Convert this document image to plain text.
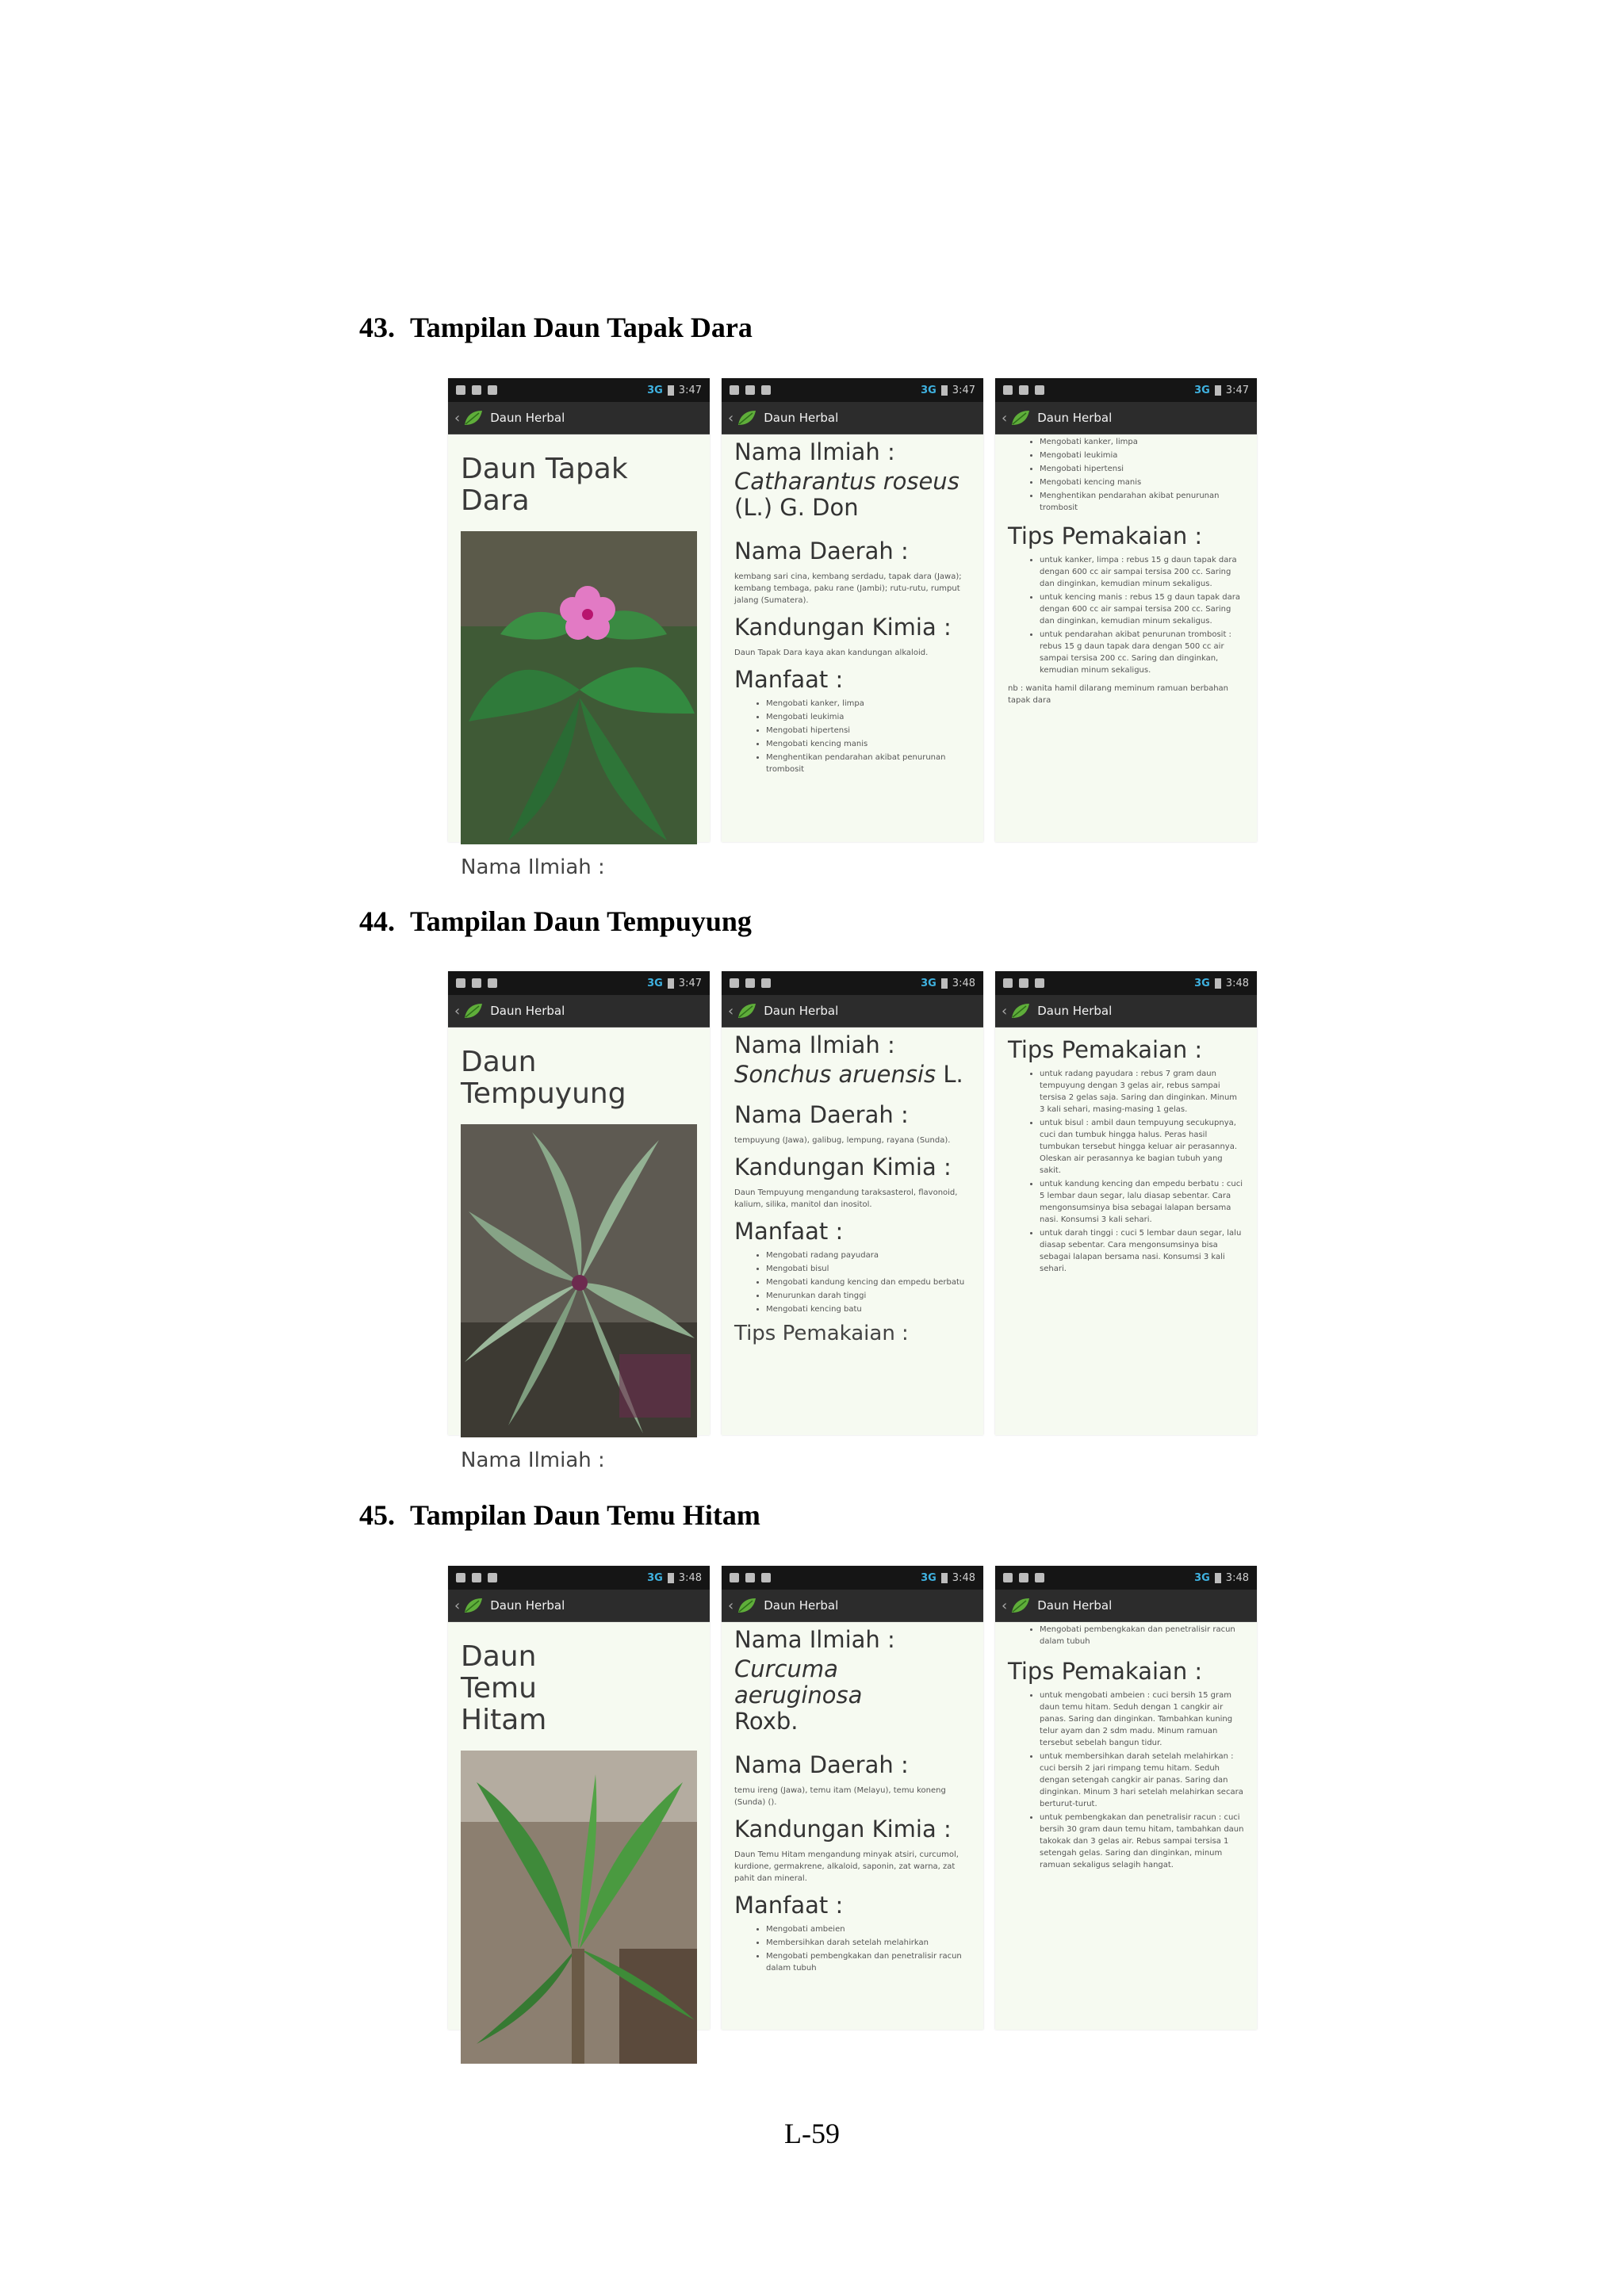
43. Tampilan Daun Tapak Dara
3G 3:47
‹	Daun Herbal
Daun Tapak Dara
Nama Ilmiah :
3G 3:47
‹	Daun Herbal
Nama Ilmiah :
Catharantus roseus
(L.) G. Don
Nama Daerah :
kembang sari cina, kembang serdadu, tapak dara (Jawa); kembang tembaga, paku rane (Jambi); rutu-rutu, rumput jalang (Sumatera).
Kandungan Kimia :
Daun Tapak Dara kaya akan kandungan alkaloid.
Manfaat :
• Mengobati kanker, limpa
• Mengobati leukimia
• Mengobati hipertensi
• Mengobati kencing manis
• Menghentikan pendarahan akibat penurunan trombosit
3G 3:47
‹	Daun Herbal
• Mengobati kanker, limpa
• Mengobati leukimia
• Mengobati hipertensi
• Mengobati kencing manis
• Menghentikan pendarahan akibat penurunan trombosit
Tips Pemakaian :
• untuk kanker, limpa : rebus 15 g daun tapak dara dengan 600 cc air sampai tersisa 200 cc. Saring dan dinginkan, kemudian minum sekaligus.
• untuk kencing manis : rebus 15 g daun tapak dara dengan 600 cc air sampai tersisa 200 cc. Saring dan dinginkan, kemudian minum sekaligus.
• untuk pendarahan akibat penurunan trombosit : rebus 15 g daun tapak dara dengan 500 cc air sampai tersisa 200 cc. Saring dan dinginkan, kemudian minum sekaligus.
nb : wanita hamil dilarang meminum ramuan berbahan tapak dara
44. Tampilan Daun Tempuyung
3G 3:47
‹	Daun Herbal
Daun Tempuyung
Nama Ilmiah :
3G 3:48
‹	Daun Herbal
Nama Ilmiah :
Sonchus aruensis L.
Nama Daerah :
tempuyung (Jawa), galibug, lempung, rayana (Sunda).
Kandungan Kimia :
Daun Tempuyung mengandung taraksasterol, flavonoid, kalium, silika, manitol dan inositol.
Manfaat :
• Mengobati radang payudara
• Mengobati bisul
• Mengobati kandung kencing dan empedu berbatu
• Menurunkan darah tinggi
• Mengobati kencing batu
Tips Pemakaian :
3G 3:48
‹	Daun Herbal
Tips Pemakaian :
• untuk radang payudara : rebus 7 gram daun tempuyung dengan 3 gelas air, rebus sampai tersisa 2 gelas saja. Saring dan dinginkan. Minum 3 kali sehari, masing-masing 1 gelas.
• untuk bisul : ambil daun tempuyung secukupnya, cuci dan tumbuk hingga halus. Peras hasil tumbukan tersebut hingga keluar air perasannya. Oleskan air perasannya ke bagian tubuh yang sakit.
• untuk kandung kencing dan empedu berbatu : cuci 5 lembar daun segar, lalu diasap sebentar. Cara mengonsumsinya bisa sebagai lalapan bersama nasi. Konsumsi 3 kali sehari.
• untuk darah tinggi : cuci 5 lembar daun segar, lalu diasap sebentar. Cara mengonsumsinya bisa sebagai lalapan bersama nasi. Konsumsi 3 kali sehari.
45. Tampilan Daun Temu Hitam
3G 3:48
‹	Daun Herbal
Daun Temu Hitam
3G 3:48
‹	Daun Herbal
Nama Ilmiah :
Curcuma aeruginosa
Roxb.
Nama Daerah :
temu ireng (Jawa), temu itam (Melayu), temu koneng (Sunda) ().
Kandungan Kimia :
Daun Temu Hitam mengandung minyak atsiri, curcumol, kurdione, germakrene, alkaloid, saponin, zat warna, zat pahit dan mineral.
Manfaat :
• Mengobati ambeien
• Membersihkan darah setelah melahirkan
• Mengobati pembengkakan dan penetralisir racun dalam tubuh
3G 3:48
‹	Daun Herbal
• Mengobati pembengkakan dan penetralisir racun dalam tubuh
Tips Pemakaian :
• untuk mengobati ambeien : cuci bersih 15 gram daun temu hitam. Seduh dengan 1 cangkir air panas. Saring dan dinginkan. Tambahkan kuning telur ayam dan 2 sdm madu. Minum ramuan tersebut sebelah bangun tidur.
• untuk membersihkan darah setelah melahirkan : cuci bersih 2 jari rimpang temu hitam. Seduh dengan setengah cangkir air panas. Saring dan dinginkan. Minum 3 hari setelah melahirkan secara berturut-turut.
• untuk pembengkakan dan penetralisir racun : cuci bersih 30 gram daun temu hitam, tambahkan daun takokak dan 3 gelas air. Rebus sampai tersisa 1 setengah gelas. Saring dan dinginkan, minum ramuan sekaligus selagih hangat.
L-59
